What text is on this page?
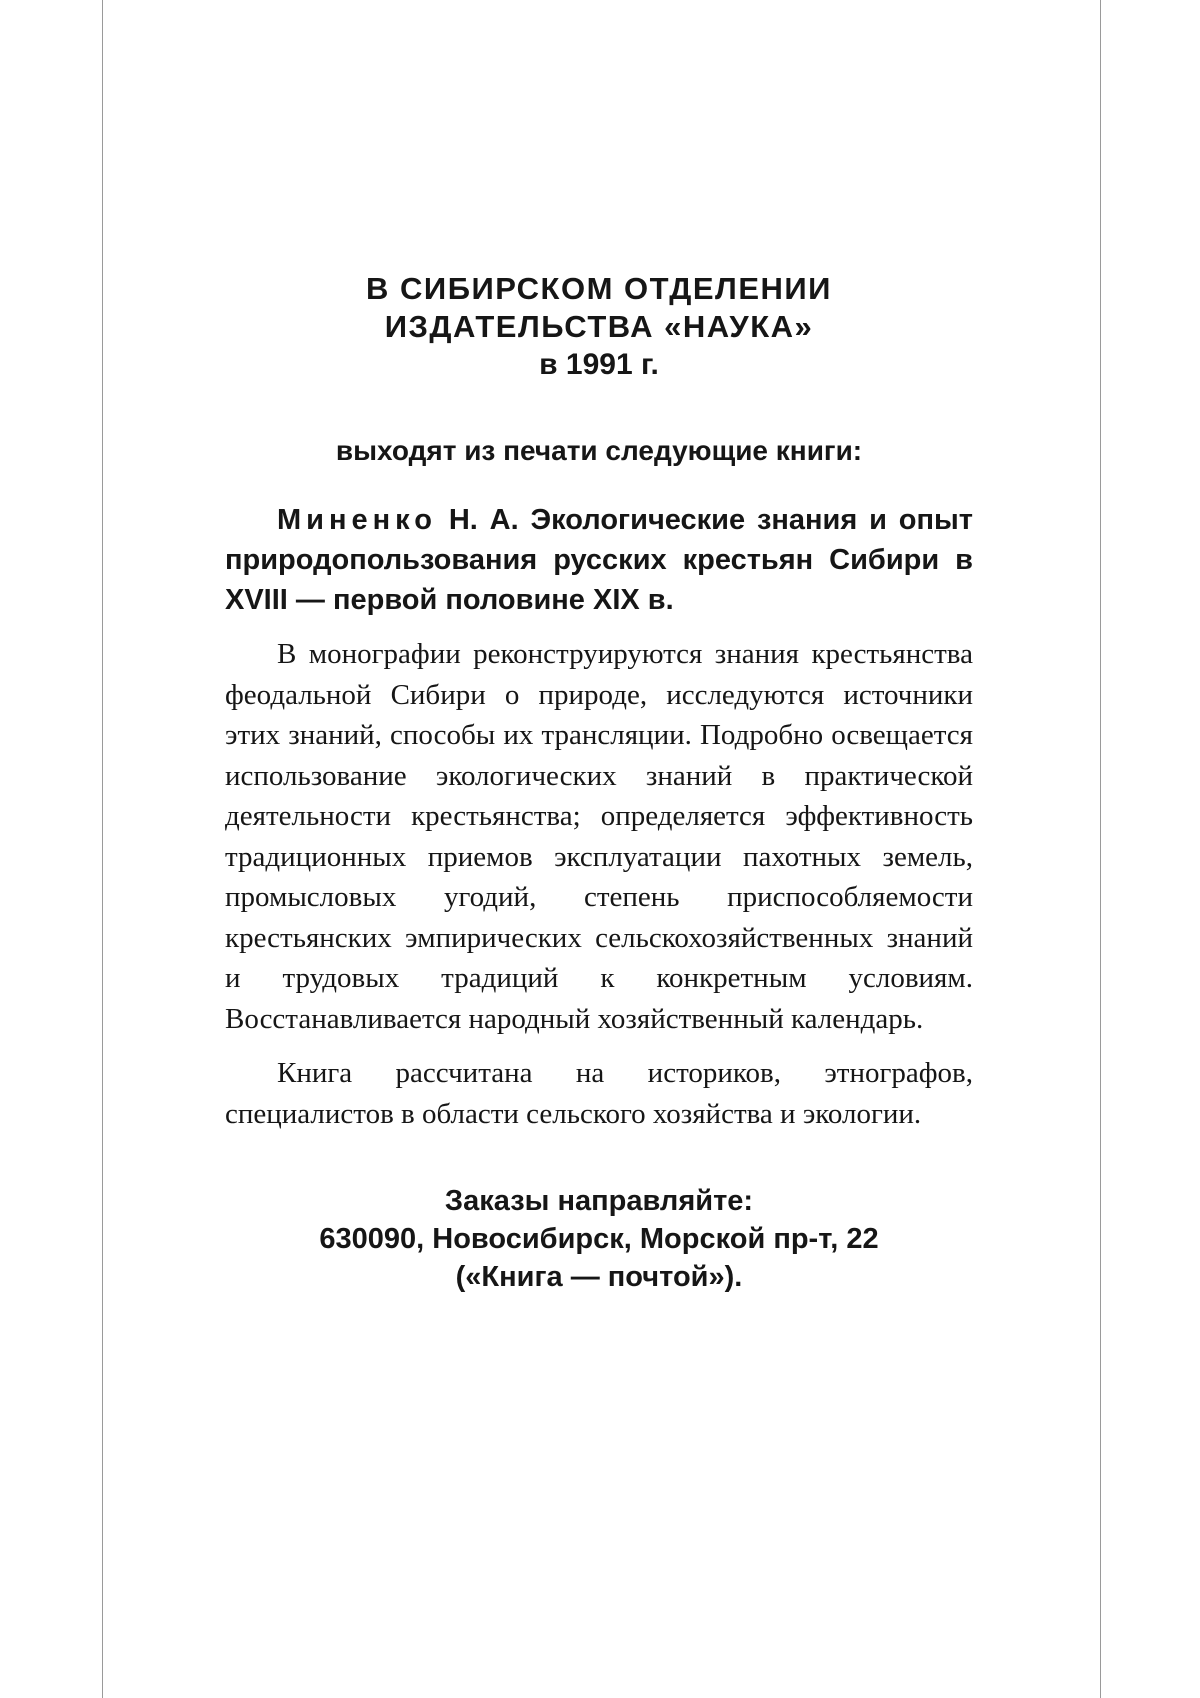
В СИБИРСКОМ ОТДЕЛЕНИИ

ИЗДАТЕЛЬСТВА «НАУКА»

в 1991 г.

выходят из печати следующие книги:

Миненко Н. А. Экологические знания и опыт природопользования русских крестьян Сибири в XVIII — первой половине XIX в.

В монографии реконструируются знания крестьянства феодальной Сибири о природе, исследуются источники этих знаний, способы их трансляции. Подробно освещается использование экологических знаний в практической деятельности крестьянства; определяется эффективность традиционных приемов эксплуатации пахотных земель, промысловых угодий, степень приспособляемости крестьянских эмпирических сельскохозяйственных знаний и трудовых традиций к конкретным условиям. Восстанавливается народный хозяйственный календарь.

Книга рассчитана на историков, этнографов, специалистов в области сельского хозяйства и экологии.

Заказы направляйте:

630090, Новосибирск, Морской пр-т, 22

(«Книга — почтой»).
